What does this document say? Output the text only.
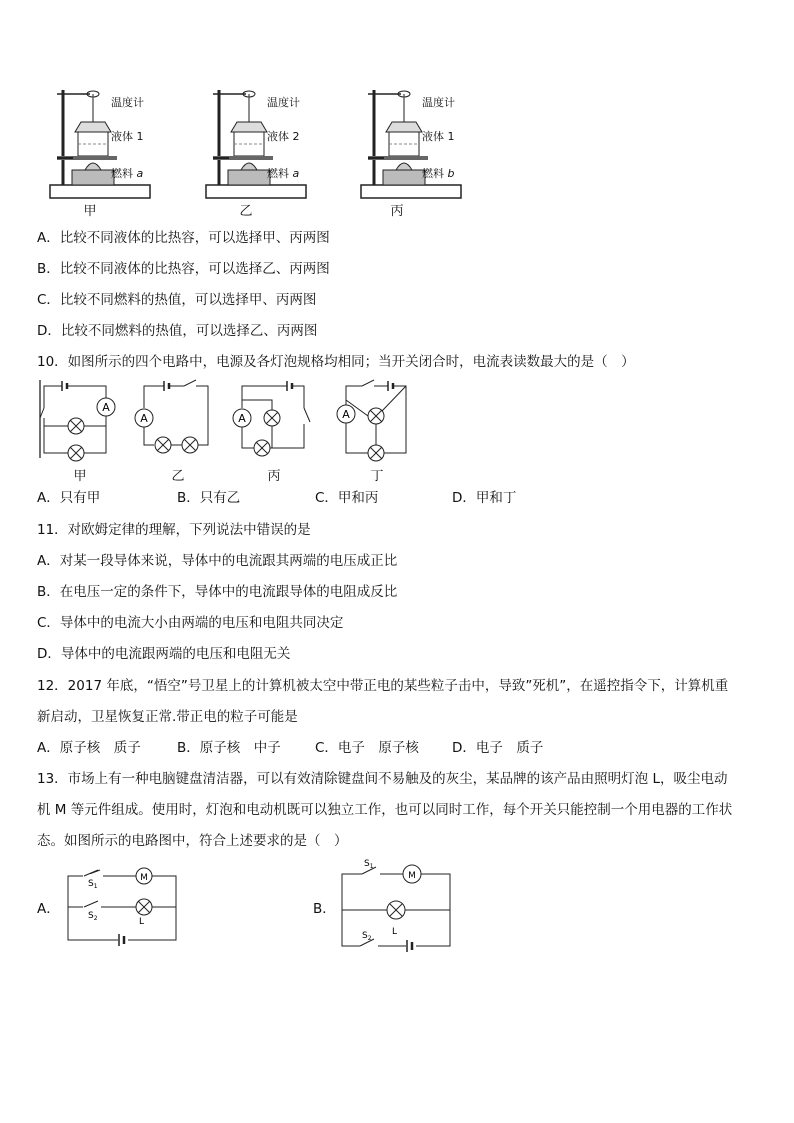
温度计
液体 1
燃料 a
甲
温度计
液体 2
燃料 a
乙
温度计
液体 1
燃料 b
丙
A．比较不同液体的比热容，可以选择甲、丙两图
B．比较不同液体的比热容，可以选择乙、丙两图
C．比较不同燃料的热值，可以选择甲、丙两图
D．比较不同燃料的热值，可以选择乙、丙两图
10．如图所示的四个电路中，电源及各灯泡规格均相同；当开关闭合时，电流表读数最大的是（　）
A
A	A	A
甲	乙	丙	丁
A．只有甲	B．只有乙	C．甲和丙	D．甲和丁
11．对欧姆定律的理解，下列说法中错误的是
A．对某一段导体来说，导体中的电流跟其两端的电压成正比
B．在电压一定的条件下，导体中的电流跟导体的电阻成反比
C．导体中的电流大小由两端的电压和电阻共同决定
D．导体中的电流跟两端的电压和电阻无关
12．2017 年底，“悟空”号卫星上的计算机被太空中带正电的某些粒子击中，导致”死机”，在遥控指令下，计算机重
新启动，卫星恢复正常.带正电的粒子可能是
A．原子核　质子	B．原子核　中子	C．电子　原子核 D．电子　质子
13．市场上有一种电脑键盘清洁器，可以有效清除键盘间不易触及的灰尘，某品牌的该产品由照明灯泡 L，吸尘电动
机 M 等元件组成。使用时，灯泡和电动机既可以独立工作，也可以同时工作，每个开关只能控制一个用电器的工作状
态。如图所示的电路图中，符合上述要求的是（　）
A．
$S_1$
M
$S_2$	L
B．
$S_1$
M
L
$S_2$
